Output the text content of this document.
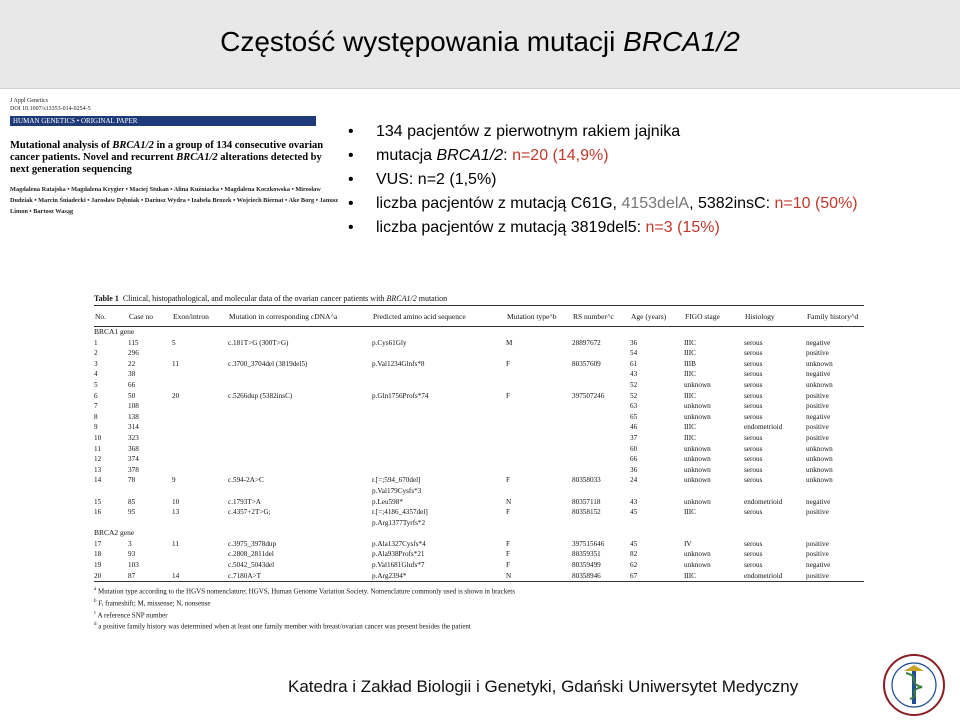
Częstość występowania mutacji BRCA1/2
J Appl Genetics
DOI 10.1007/s13353-014-0254-5
HUMAN GENETICS • ORIGINAL PAPER
Mutational analysis of BRCA1/2 in a group of 134 consecutive ovarian cancer patients. Novel and recurrent BRCA1/2 alterations detected by next generation sequencing
Magdalena Ratajska • Magdalena Krygier • Maciej Stukan • Alina Kuźniacka • Magdalena Koczkowska • Mirosław Dudziak • Marcin Śniadecki • Jarosław Dębniak • Dariusz Wydra • Izabela Brozek • Wojciech Biernat • Ake Borg • Janusz Limon • Bartosz Wasąg
• 134 pacjentów z pierwotnym rakiem jajnika
• mutacja BRCA1/2: n=20 (14,9%)
• VUS: n=2 (1,5%)
• liczba pacjentów z mutacją C61G, 4153delA, 5382insC: n=10 (50%)
• liczba pacjentów z mutacją 3819del5: n=3 (15%)
Table 1 Clinical, histopathological, and molecular data of the ovarian cancer patients with BRCA1/2 mutation
No.	Case no	Exon/intron	Mutation in corresponding cDNA^a	Predicted amino acid sequence	Mutation type^b	RS number^c	Age (years)	FIGO stage	Histology	Family history^d
BRCA1 gene										
1	115	5	c.181T>G (300T>G)	p.Cys61Gly	M	28897672	36	IIIC	serous	negative
2	296						54	IIIC	serous	positive
3	22	11	c.3700_3704del (3819del5)	p.Val1234Glnfs*8	F	80357609	61	IIIB	serous	unknown
4	38						43	IIIC	serous	negative
5	66						52	unknown	serous	unknown
6	50	20	c.5266dup (5382insC)	p.Gln1756Profs*74	F	397507246	52	IIIC	serous	positive
7	108						63	unknown	serous	positive
8	138						65	unknown	serous	negative
9	314						46	IIIC	endometrioid	positive
10	323						37	IIIC	serous	positive
11	368						60	unknown	serous	unknown
12	374						66	unknown	serous	unknown
13	378						36	unknown	serous	unknown
14	78	9	c.594-2A>C	r.[=;594_670del]	F	80358033	24	unknown	serous	unknown
				p.Val179Cysfs*3						
15	85	10	c.1793T>A	p.Leu598*	N	80357118	43	unknown	endometrioid	negative
16	95	13	c.4357+2T>G;	r.[=;4186_4357del]	F	80358152	45	IIIC	serous	positive
				p.Arg1377Tyrfs*2						
BRCA2 gene										
17	3	11	c.3975_3978dup	p.Ala1327Cysfs*4	F	397515646	45	IV	serous	positive
18	93		c.2808_2811del	p.Ala938Profs*21	F	80359351	82	unknown	serous	positive
19	103		c.5042_5043del	p.Val1681Glufs*7	F	80359499	62	unknown	serous	negative
20	87	14	c.7180A>T	p.Arg2394*	N	80358946	67	IIIC	endometrioid	positive
$^a$ Mutation type according to the HGVS nomenclature; HGVS, Human Genome Variation Society. Nomenclature commonly used is shown in brackets
$^b$ F, frameshift; M, missense; N, nonsense
$^c$ A reference SNP number
$^d$ a positive family history was determined when at least one family member with breast/ovarian cancer was present besides the patient
Katedra i Zakład Biologii i Genetyki, Gdański Uniwersytet Medyczny
